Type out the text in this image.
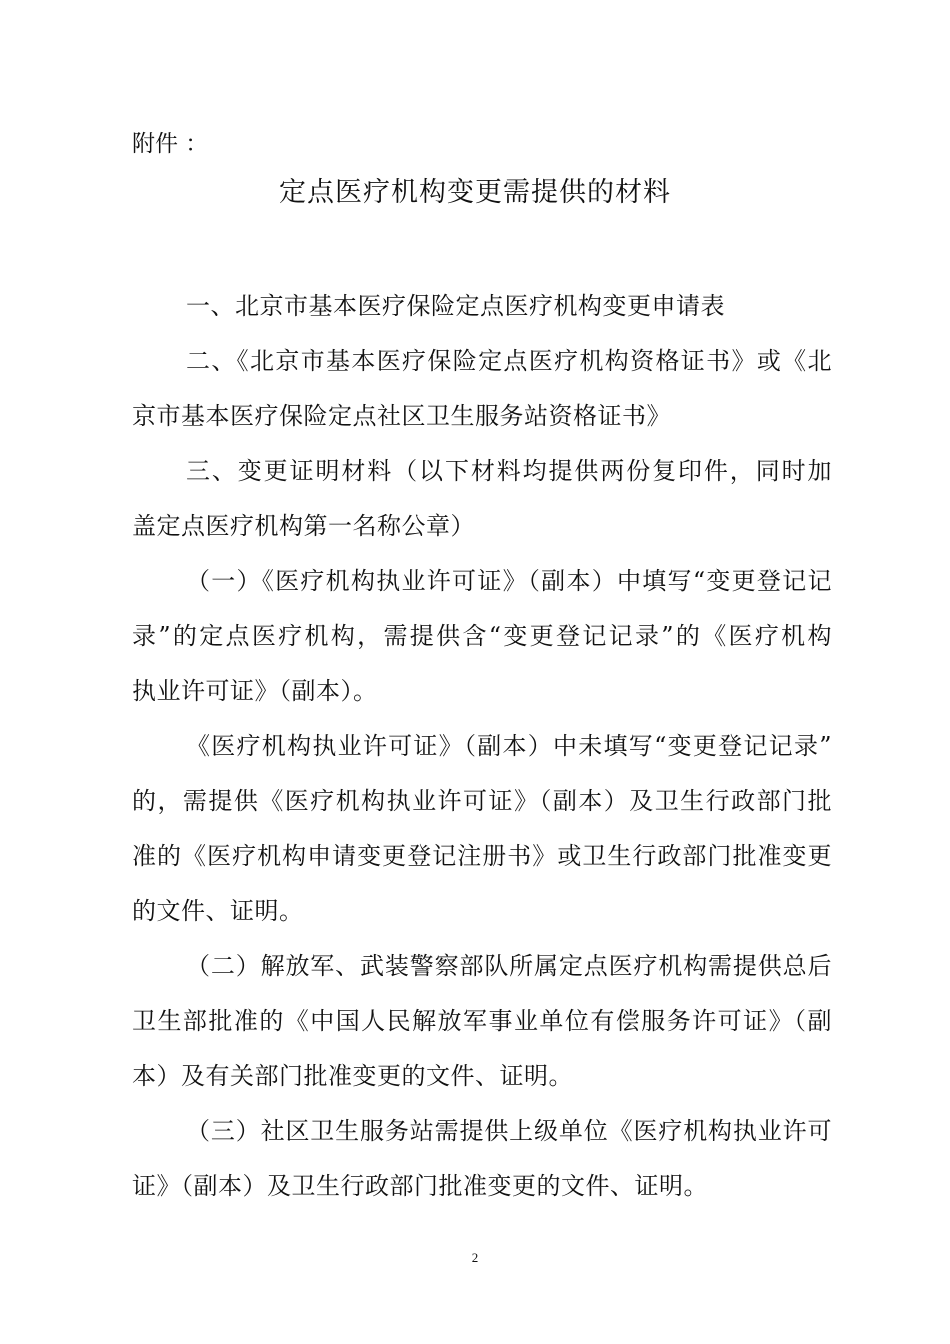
附件 ：
定点医疗机构变更需提供的材料
一、北京市基本医疗保险定点医疗机构变更申请表
二、《北京市基本医疗保险定点医疗机构资格证书》或《北
京市基本医疗保险定点社区卫生服务站资格证书》
三、变更证明材料（以下材料均提供两份复印件，同时加
盖定点医疗机构第一名称公章）
（一）《医疗机构执业许可证》（副本）中填写“变更登记记
录”的定点医疗机构，需提供含“变更登记记录”的《医疗机构
执业许可证》（副本）。
《医疗机构执业许可证》（副本）中未填写“变更登记记录”
的，需提供《医疗机构执业许可证》（副本）及卫生行政部门批
准的《医疗机构申请变更登记注册书》或卫生行政部门批准变更
的文件、证明。
（二）解放军、武装警察部队所属定点医疗机构需提供总后
卫生部批准的《中国人民解放军事业单位有偿服务许可证》（副
本）及有关部门批准变更的文件、证明。
（三）社区卫生服务站需提供上级单位《医疗机构执业许可
证》（副本）及卫生行政部门批准变更的文件、证明。
2
